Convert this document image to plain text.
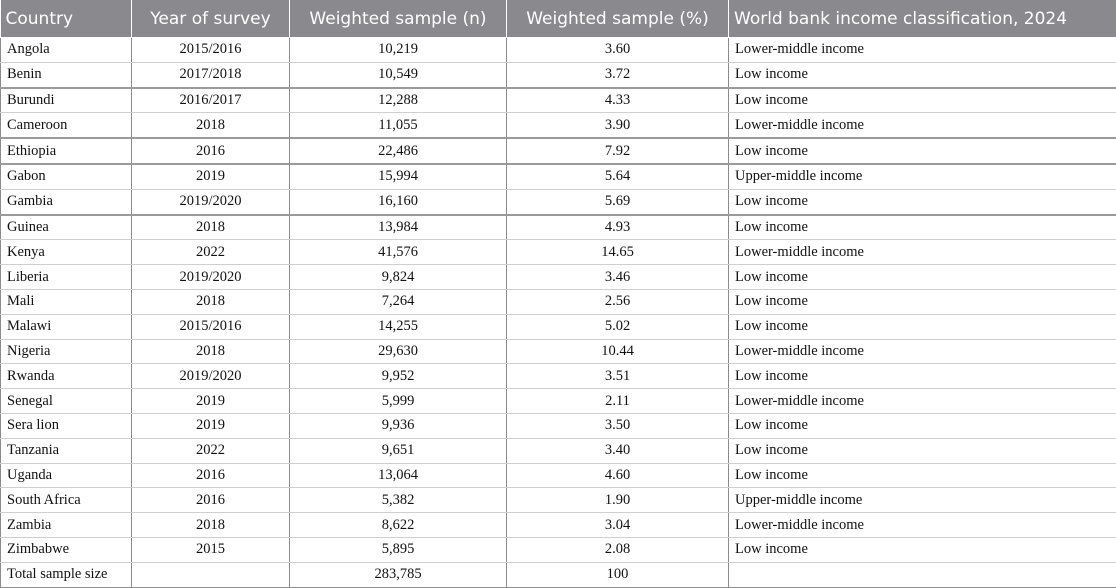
Country	Year of survey	Weighted sample (n)	Weighted sample (%)	World bank income classification, 2024
Angola	2015/2016	10,219	3.60	Lower-middle income
Benin	2017/2018	10,549	3.72	Low income
Burundi	2016/2017	12,288	4.33	Low income
Cameroon	2018	11,055	3.90	Lower-middle income
Ethiopia	2016	22,486	7.92	Low income
Gabon	2019	15,994	5.64	Upper-middle income
Gambia	2019/2020	16,160	5.69	Low income
Guinea	2018	13,984	4.93	Low income
Kenya	2022	41,576	14.65	Lower-middle income
Liberia	2019/2020	9,824	3.46	Low income
Mali	2018	7,264	2.56	Low income
Malawi	2015/2016	14,255	5.02	Low income
Nigeria	2018	29,630	10.44	Lower-middle income
Rwanda	2019/2020	9,952	3.51	Low income
Senegal	2019	5,999	2.11	Lower-middle income
Sera lion	2019	9,936	3.50	Low income
Tanzania	2022	9,651	3.40	Low income
Uganda	2016	13,064	4.60	Low income
South Africa	2016	5,382	1.90	Upper-middle income
Zambia	2018	8,622	3.04	Lower-middle income
Zimbabwe	2015	5,895	2.08	Low income
Total sample size		283,785	100	
